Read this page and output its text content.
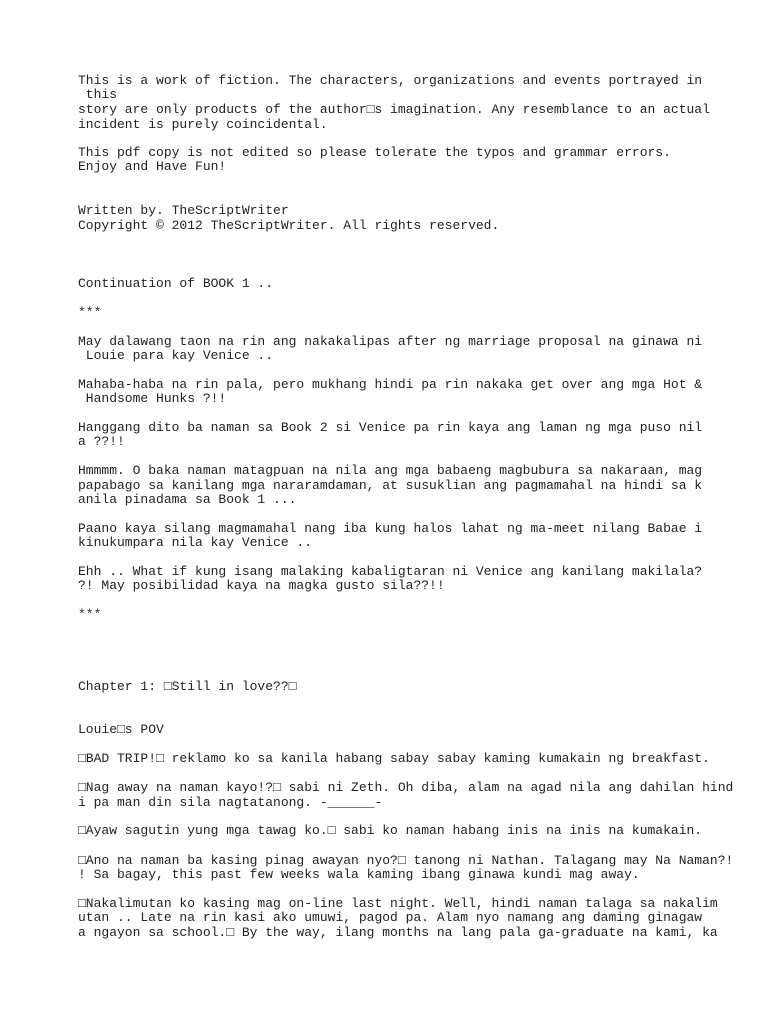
This is a work of fiction. The characters, organizations and events portrayed in

this

story are only products of the author□s imagination. Any resemblance to an actual

incident is purely coincidental.

This pdf copy is not edited so please tolerate the typos and grammar errors.

Enjoy and Have Fun!

Written by. TheScriptWriter

Copyright © 2012 TheScriptWriter. All rights reserved.

Continuation of BOOK 1 ..

***

May dalawang taon na rin ang nakakalipas after ng marriage proposal na ginawa ni

Louie para kay Venice ..

Mahaba-haba na rin pala, pero mukhang hindi pa rin nakaka get over ang mga Hot &

Handsome Hunks ?!!

Hanggang dito ba naman sa Book 2 si Venice pa rin kaya ang laman ng mga puso nil

a ??!!

Hmmmm. O baka naman matagpuan na nila ang mga babaeng magbubura sa nakaraan, mag

papabago sa kanilang mga nararamdaman, at susuklian ang pagmamahal na hindi sa k

anila pinadama sa Book 1 ...

Paano kaya silang magmamahal nang iba kung halos lahat ng ma-meet nilang Babae i

kinukumpara nila kay Venice ..

Ehh .. What if kung isang malaking kabaligtaran ni Venice ang kanilang makilala?

?! May posibilidad kaya na magka gusto sila??!!

***

Chapter 1: □Still in love??□

Louie□s POV

□BAD TRIP!□ reklamo ko sa kanila habang sabay sabay kaming kumakain ng breakfast.

□Nag away na naman kayo!?□ sabi ni Zeth. Oh diba, alam na agad nila ang dahilan hind

i pa man din sila nagtatanong. -______-

□Ayaw sagutin yung mga tawag ko.□ sabi ko naman habang inis na inis na kumakain.

□Ano na naman ba kasing pinag awayan nyo?□ tanong ni Nathan. Talagang may Na Naman?!

! Sa bagay, this past few weeks wala kaming ibang ginawa kundi mag away.

□Nakalimutan ko kasing mag on-line last night. Well, hindi naman talaga sa nakalim

utan .. Late na rin kasi ako umuwi, pagod pa. Alam nyo namang ang daming ginagaw

a ngayon sa school.□ By the way, ilang months na lang pala ga-graduate na kami, ka
